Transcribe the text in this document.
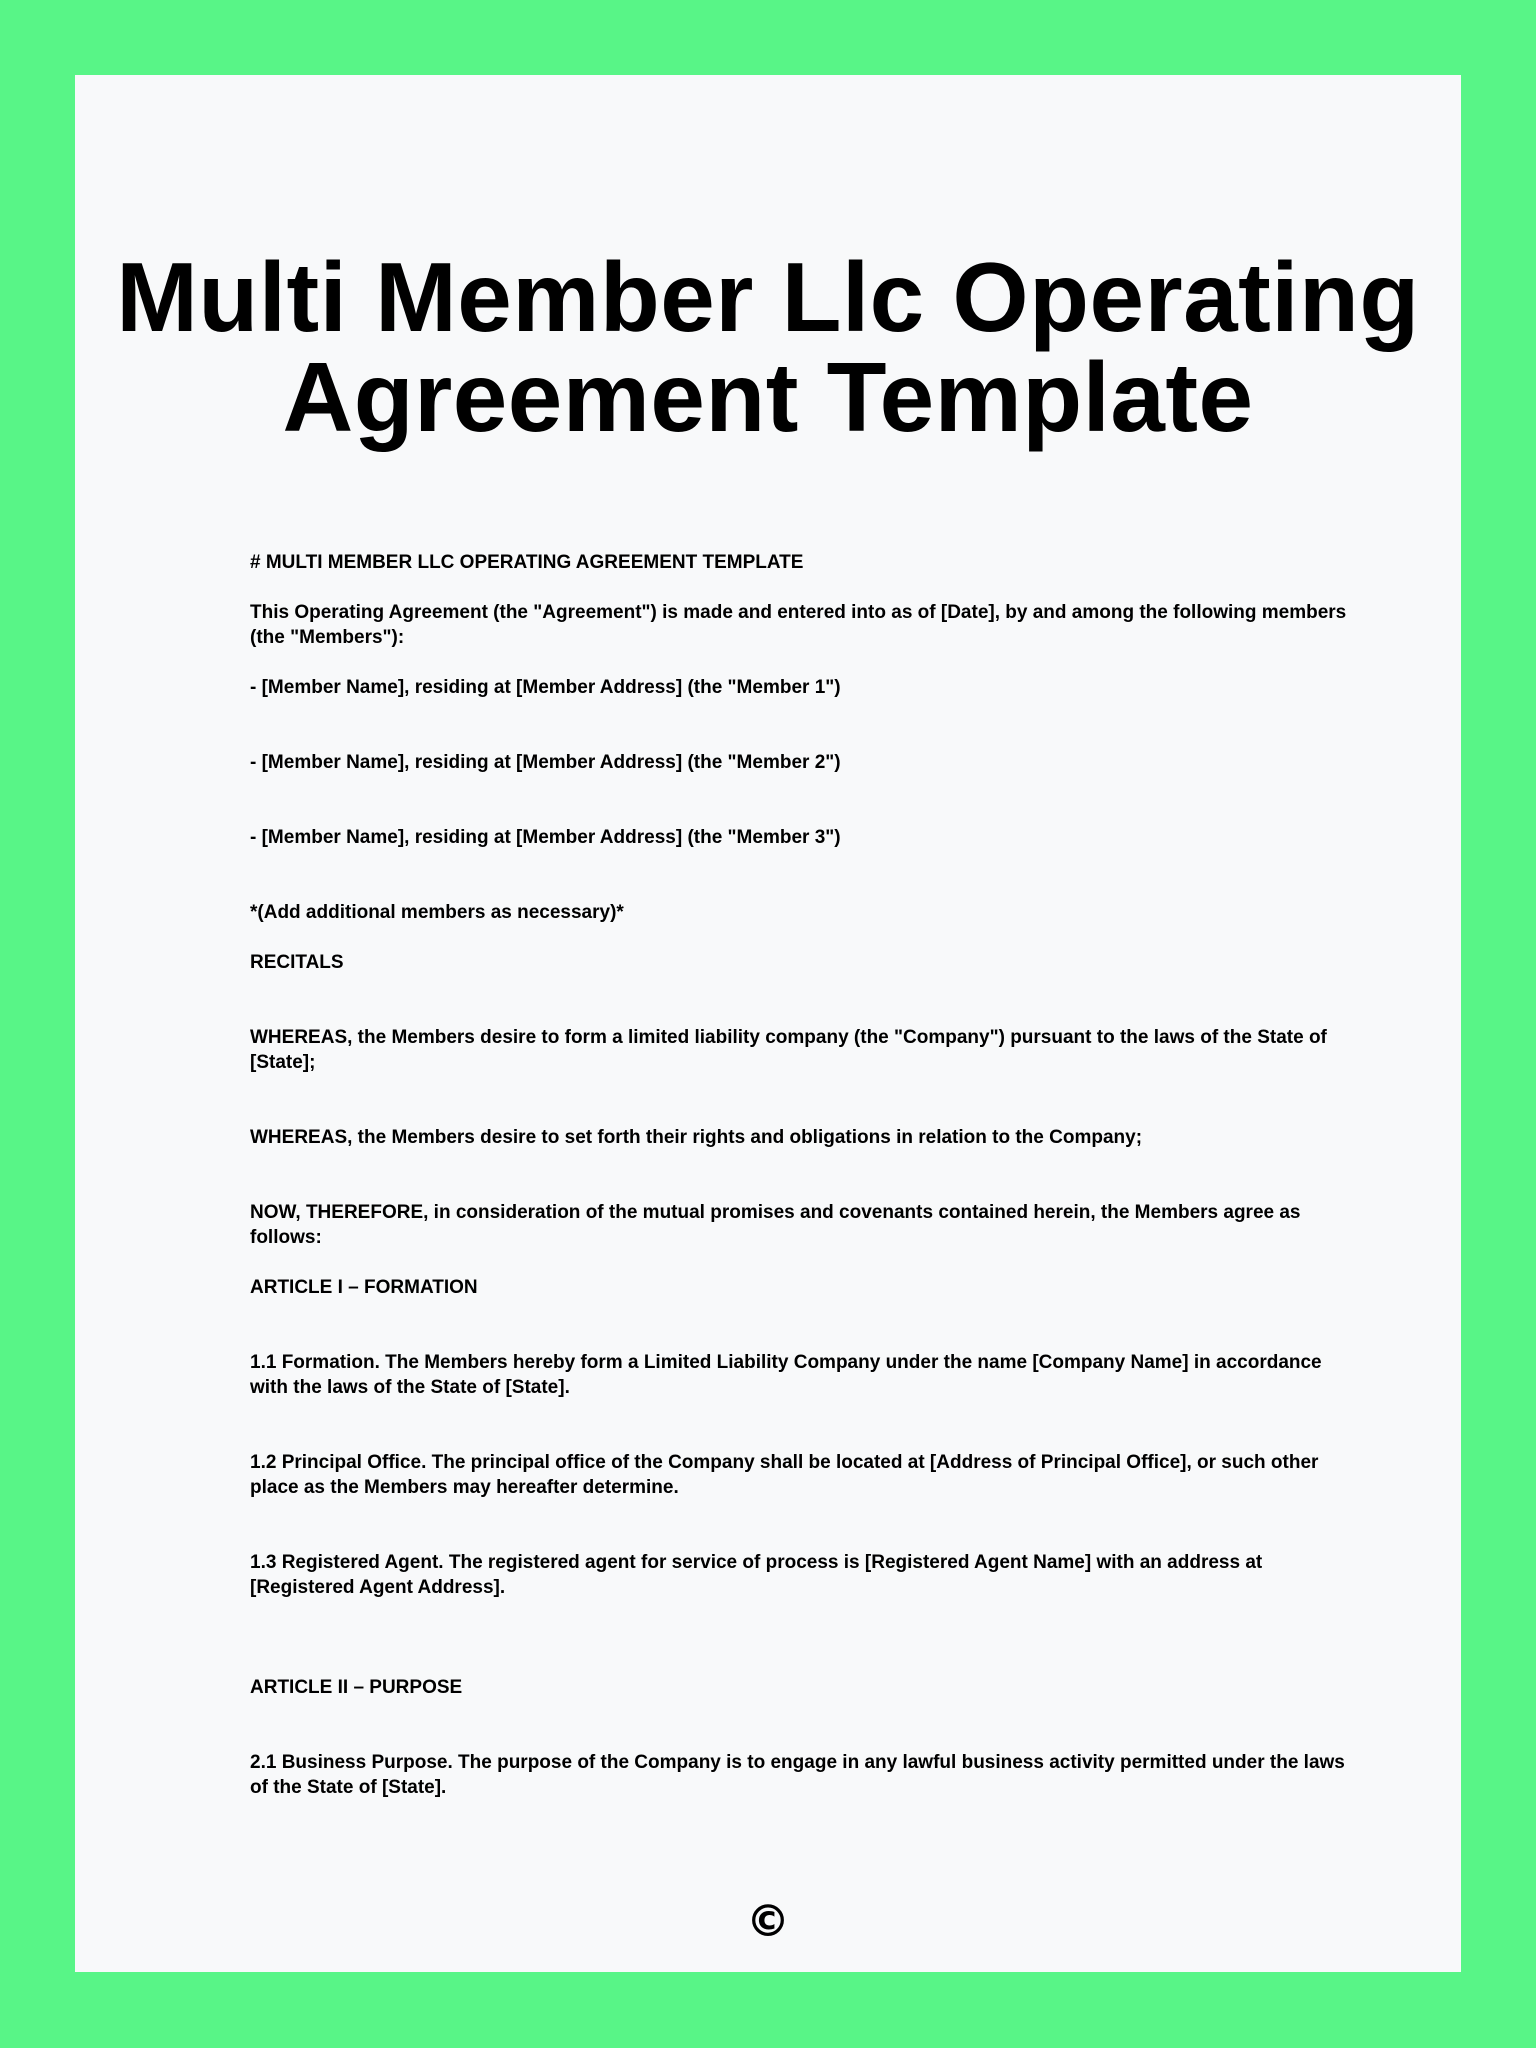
Multi Member Llc Operating Agreement Template

# MULTI MEMBER LLC OPERATING AGREEMENT TEMPLATE

This Operating Agreement (the "Agreement") is made and entered into as of [Date], by and among the following members (the "Members"):

- [Member Name], residing at [Member Address] (the "Member 1")

- [Member Name], residing at [Member Address] (the "Member 2")

- [Member Name], residing at [Member Address] (the "Member 3")

*(Add additional members as necessary)*

RECITALS

WHEREAS, the Members desire to form a limited liability company (the "Company") pursuant to the laws of the State of [State];

WHEREAS, the Members desire to set forth their rights and obligations in relation to the Company;

NOW, THEREFORE, in consideration of the mutual promises and covenants contained herein, the Members agree as follows:

ARTICLE I – FORMATION

1.1 Formation. The Members hereby form a Limited Liability Company under the name [Company Name] in accordance with the laws of the State of [State].

1.2 Principal Office. The principal office of the Company shall be located at [Address of Principal Office], or such other place as the Members may hereafter determine.

1.3 Registered Agent. The registered agent for service of process is [Registered Agent Name] with an address at [Registered Agent Address].

ARTICLE II – PURPOSE

2.1 Business Purpose. The purpose of the Company is to engage in any lawful business activity permitted under the laws of the State of [State].

©
